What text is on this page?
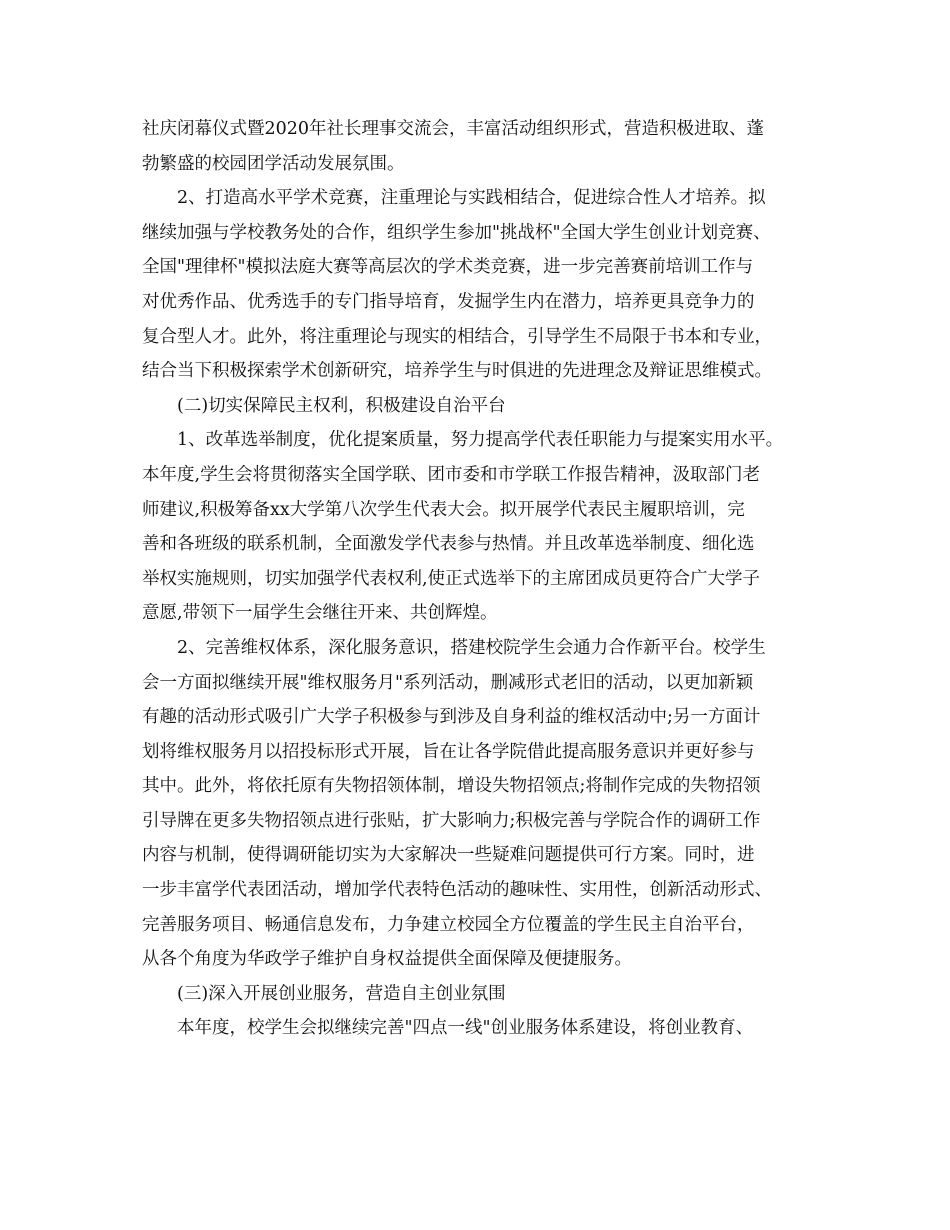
社庆闭幕仪式暨2020年社长理事交流会，丰富活动组织形式，营造积极进取、蓬
勃繁盛的校园团学活动发展氛围。
2、打造高水平学术竞赛，注重理论与实践相结合，促进综合性人才培养。拟
继续加强与学校教务处的合作，组织学生参加"挑战杯"全国大学生创业计划竞赛、
全国"理律杯"模拟法庭大赛等高层次的学术类竞赛，进一步完善赛前培训工作与
对优秀作品、优秀选手的专门指导培育，发掘学生内在潜力，培养更具竞争力的
复合型人才。此外，将注重理论与现实的相结合，引导学生不局限于书本和专业，
结合当下积极探索学术创新研究，培养学生与时俱进的先进理念及辩证思维模式。
(二)切实保障民主权利，积极建设自治平台
1、改革选举制度，优化提案质量，努力提高学代表任职能力与提案实用水平。
本年度,学生会将贯彻落实全国学联、团市委和市学联工作报告精神，汲取部门老
师建议,积极筹备xx大学第八次学生代表大会。拟开展学代表民主履职培训，完
善和各班级的联系机制，全面激发学代表参与热情。并且改革选举制度、细化选
举权实施规则，切实加强学代表权利,使正式选举下的主席团成员更符合广大学子
意愿,带领下一届学生会继往开来、共创辉煌。
2、完善维权体系，深化服务意识，搭建校院学生会通力合作新平台。校学生
会一方面拟继续开展"维权服务月"系列活动，删减形式老旧的活动，以更加新颖
有趣的活动形式吸引广大学子积极参与到涉及自身利益的维权活动中;另一方面计
划将维权服务月以招投标形式开展，旨在让各学院借此提高服务意识并更好参与
其中。此外，将依托原有失物招领体制，增设失物招领点;将制作完成的失物招领
引导牌在更多失物招领点进行张贴，扩大影响力;积极完善与学院合作的调研工作
内容与机制，使得调研能切实为大家解决一些疑难问题提供可行方案。同时，进
一步丰富学代表团活动，增加学代表特色活动的趣味性、实用性，创新活动形式、
完善服务项目、畅通信息发布，力争建立校园全方位覆盖的学生民主自治平台，
从各个角度为华政学子维护自身权益提供全面保障及便捷服务。
(三)深入开展创业服务，营造自主创业氛围
本年度，校学生会拟继续完善"四点一线"创业服务体系建设，将创业教育、
